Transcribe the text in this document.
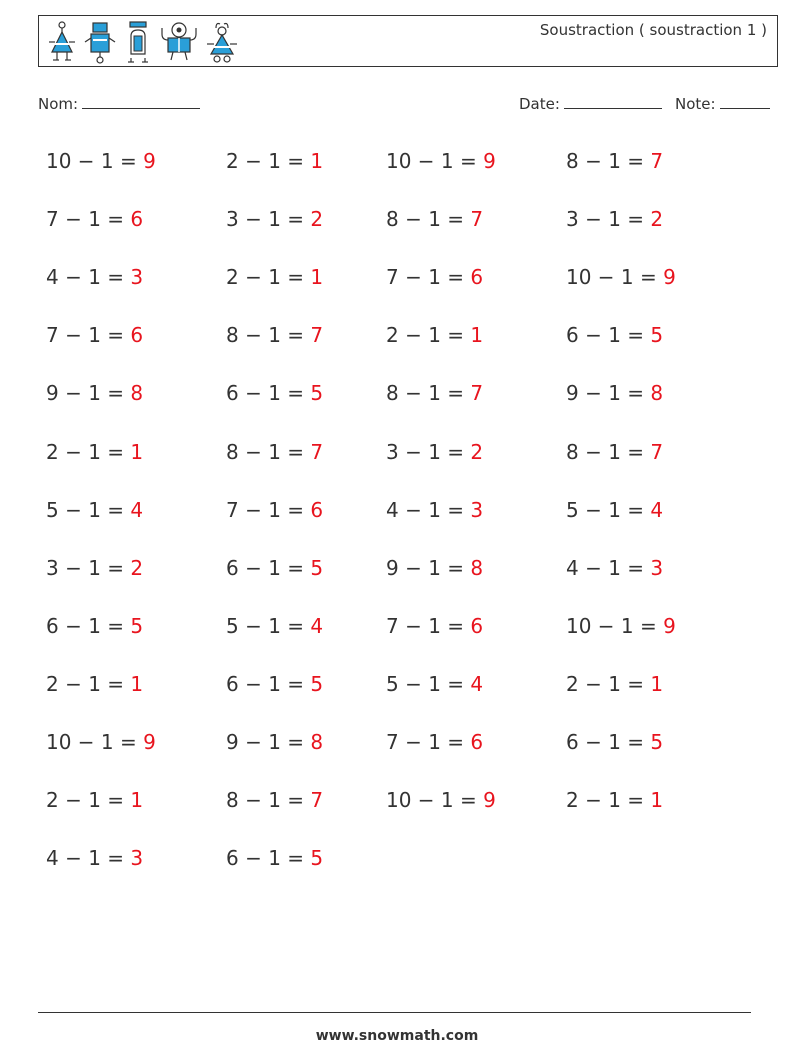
Soustraction ( soustraction 1 )
Nom:	Date:	Note:
10 − 1 = 9
7 − 1 = 6
4 − 1 = 3
7 − 1 = 6
9 − 1 = 8
2 − 1 = 1
5 − 1 = 4
3 − 1 = 2
6 − 1 = 5
2 − 1 = 1
10 − 1 = 9
2 − 1 = 1
4 − 1 = 3
2 − 1 = 1
3 − 1 = 2
2 − 1 = 1
8 − 1 = 7
6 − 1 = 5
8 − 1 = 7
7 − 1 = 6
6 − 1 = 5
5 − 1 = 4
6 − 1 = 5
9 − 1 = 8
8 − 1 = 7
6 − 1 = 5
10 − 1 = 9
8 − 1 = 7
7 − 1 = 6
2 − 1 = 1
8 − 1 = 7
3 − 1 = 2
4 − 1 = 3
9 − 1 = 8
7 − 1 = 6
5 − 1 = 4
7 − 1 = 6
10 − 1 = 9
8 − 1 = 7
3 − 1 = 2
10 − 1 = 9
6 − 1 = 5
9 − 1 = 8
8 − 1 = 7
5 − 1 = 4
4 − 1 = 3
10 − 1 = 9
2 − 1 = 1
6 − 1 = 5
2 − 1 = 1
www.snowmath.com
